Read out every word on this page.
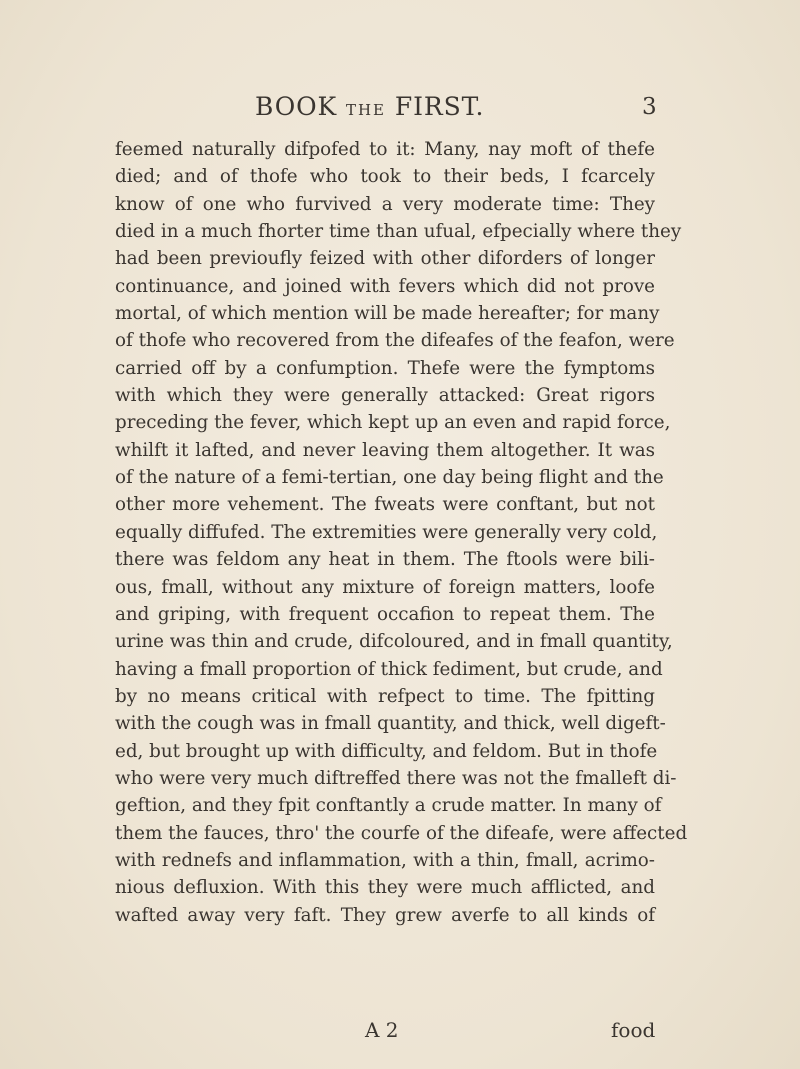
BOOK THE FIRST.	3
feemed naturally difpofed to it: Many, nay moft of thefe
died; and of thofe who took to their beds, I fcarcely
know of one who furvived a very moderate time: They
died in a much fhorter time than ufual, efpecially where they
had been previoufly feized with other diforders of longer
continuance, and joined with fevers which did not prove
mortal, of which mention will be made hereafter; for many
of thofe who recovered from the difeafes of the feafon, were
carried off by a confumption. Thefe were the fymptoms
with which they were generally attacked: Great rigors
preceding the fever, which kept up an even and rapid force,
whilft it lafted, and never leaving them altogether. It was
of the nature of a femi-tertian, one day being flight and the
other more vehement. The fweats were conftant, but not
equally diffufed. The extremities were generally very cold,
there was feldom any heat in them. The ftools were bili-
ous, fmall, without any mixture of foreign matters, loofe
and griping, with frequent occafion to repeat them. The
urine was thin and crude, difcoloured, and in fmall quantity,
having a fmall proportion of thick fediment, but crude, and
by no means critical with refpect to time. The fpitting
with the cough was in fmall quantity, and thick, well digeft-
ed, but brought up with difficulty, and feldom. But in thofe
who were very much diftreffed there was not the fmalleft di-
geftion, and they fpit conftantly a crude matter. In many of
them the fauces, thro' the courfe of the difeafe, were affected
with rednefs and inflammation, with a thin, fmall, acrimo-
nious defluxion. With this they were much afflicted, and
wafted away very faft. They grew averfe to all kinds of
A 2	food
